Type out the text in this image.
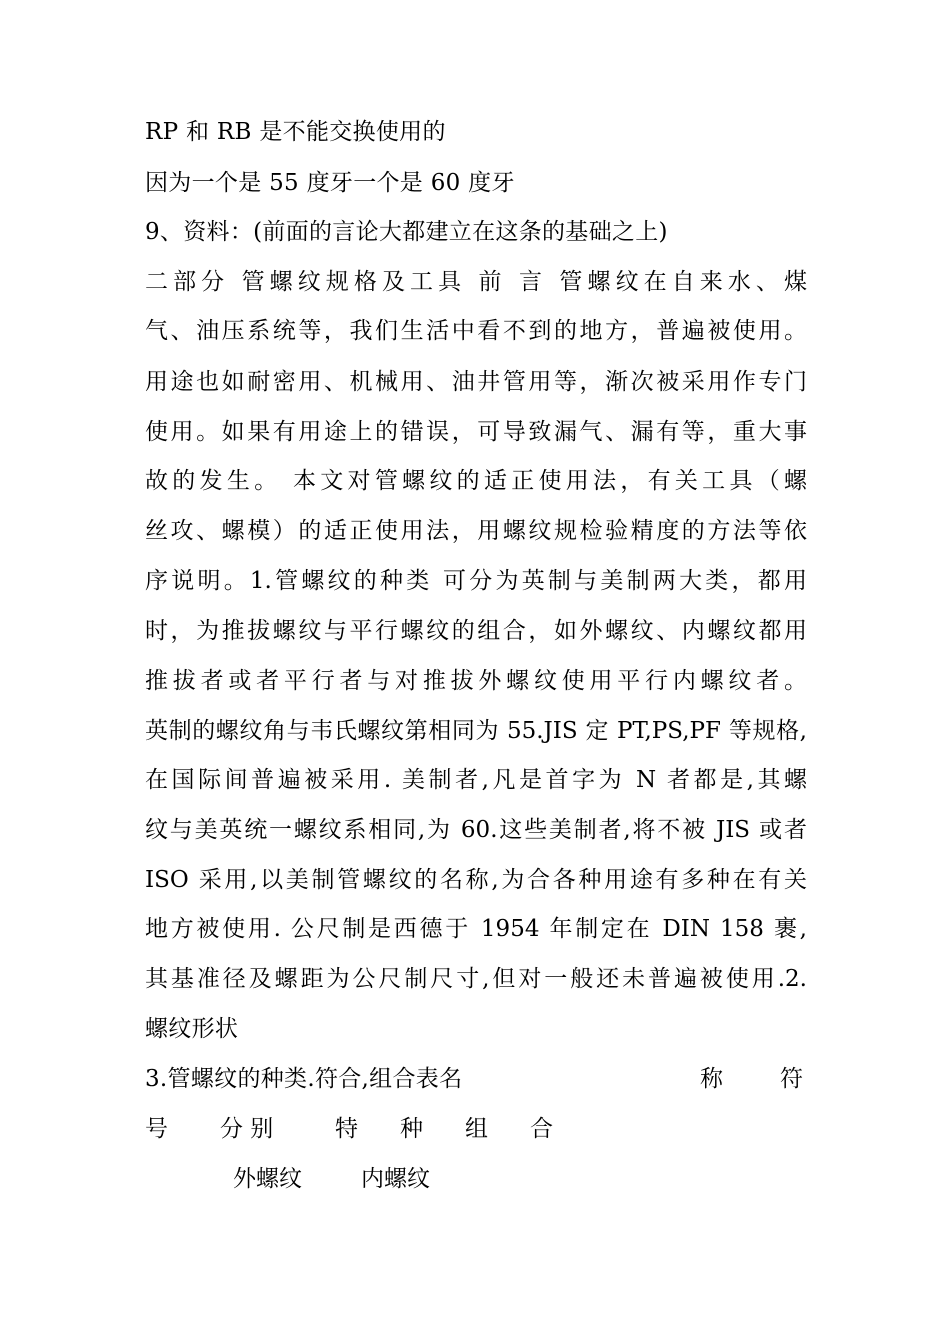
RP 和 RB 是不能交换使用的
因为一个是 55 度牙一个是 60 度牙
9、资料：(前面的言论大都建立在这条的基础之上)
二部分 管螺纹规格及工具 前 言 管螺纹在自来水、煤
气、油压系统等，我们生活中看不到的地方，普遍被使用。
用途也如耐密用、机械用、油井管用等，渐次被采用作专门
使用。如果有用途上的错误，可导致漏气、漏有等，重大事
故的发生。 本文对管螺纹的适正使用法，有关工具（螺
丝攻、螺模）的适正使用法，用螺纹规检验精度的方法等依
序说明。1.管螺纹的种类 可分为英制与美制两大类，都用
时，为推拔螺纹与平行螺纹的组合，如外螺纹、内螺纹都用
推拔者或者平行者与对推拔外螺纹使用平行内螺纹者。
英制的螺纹角与韦氏螺纹第相同为 55.JIS 定 PT,PS,PF 等规格,
在国际间普遍被采用. 美制者,凡是首字为 N 者都是,其螺
纹与美英统一螺纹系相同,为 60.这些美制者,将不被 JIS 或者
ISO 采用,以美制管螺纹的名称,为合各种用途有多种在有关
地方被使用. 公尺制是西德于 1954 年制定在 DIN 158 裹,
其基准径及螺距为公尺制尺寸,但对一般还未普遍被使用.2.
螺纹形状
3.管螺纹的种类.符合,组合表名	称 符
号 分 别	特 种 组 合
外螺纹	内螺纹
